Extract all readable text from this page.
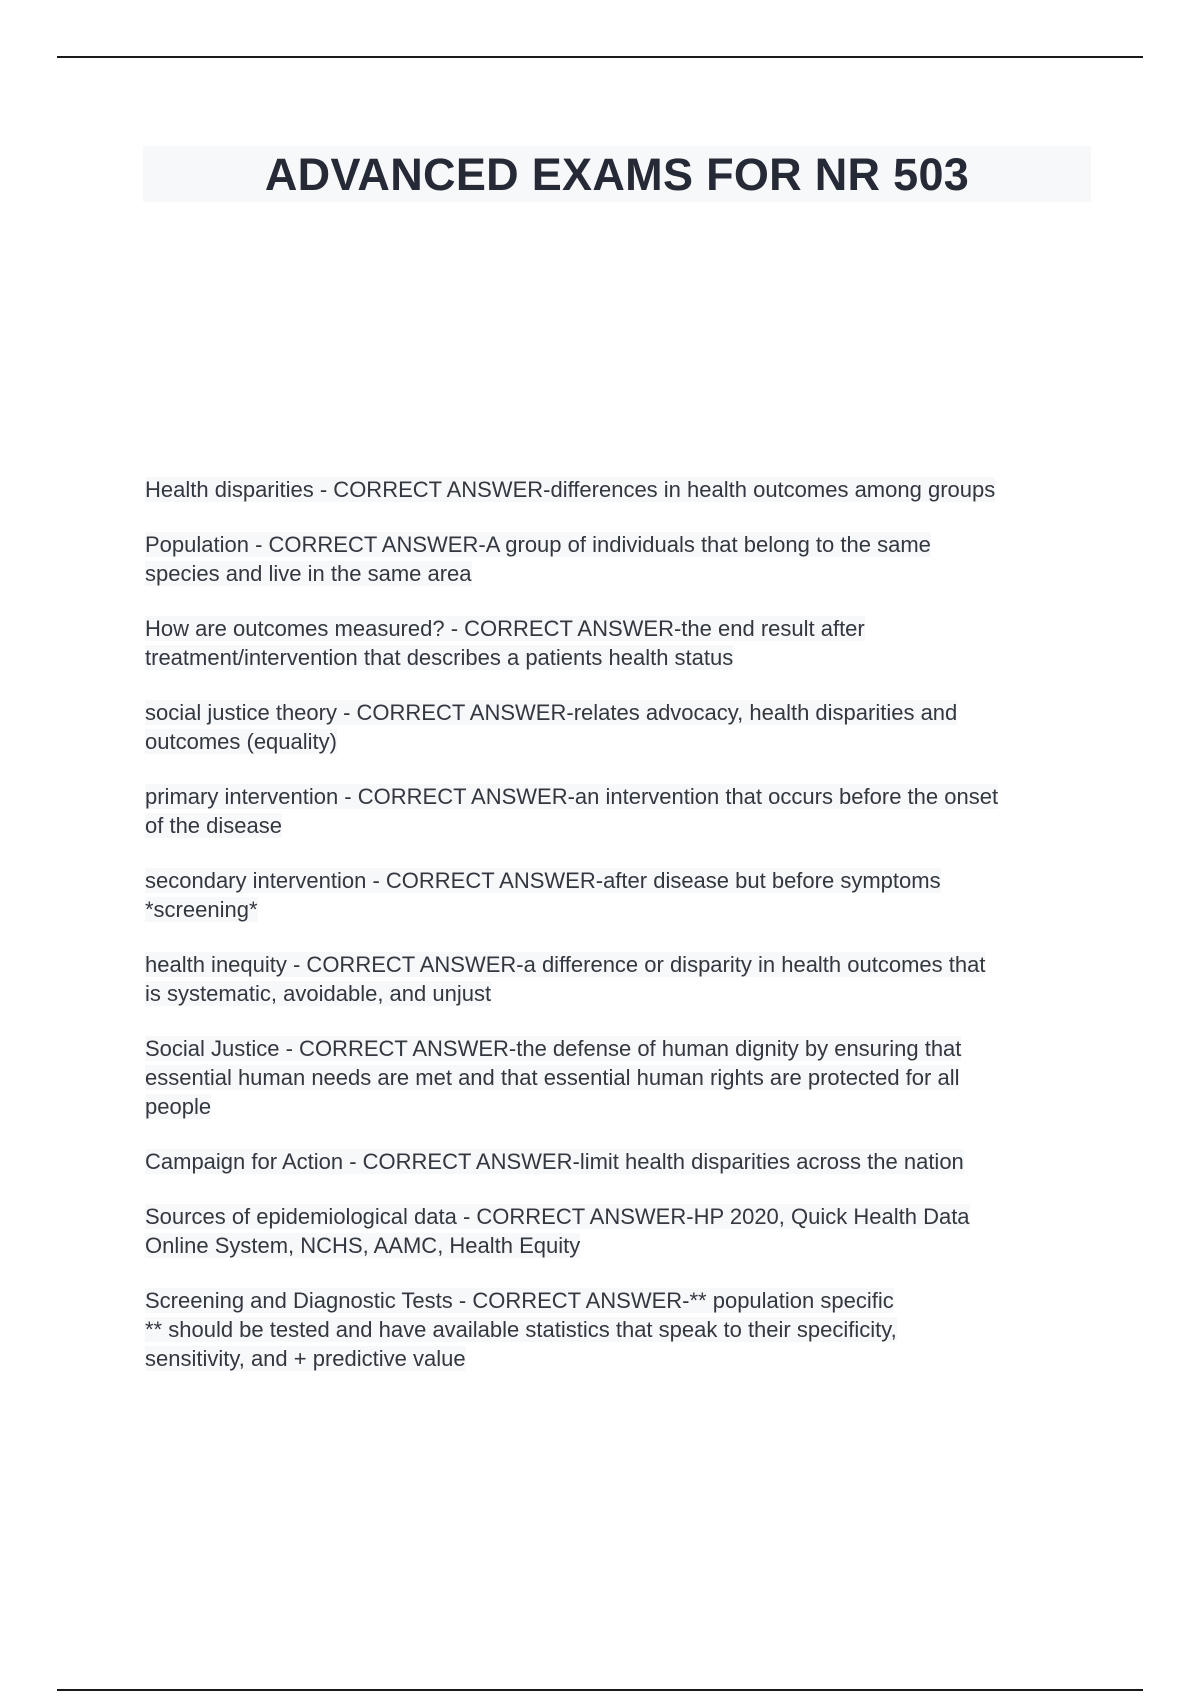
ADVANCED EXAMS FOR NR 503
Health disparities - CORRECT ANSWER-differences in health outcomes among groups
Population - CORRECT ANSWER-A group of individuals that belong to the same
species and live in the same area
How are outcomes measured? - CORRECT ANSWER-the end result after
treatment/intervention that describes a patients health status
social justice theory - CORRECT ANSWER-relates advocacy, health disparities and
outcomes (equality)
primary intervention - CORRECT ANSWER-an intervention that occurs before the onset
of the disease
secondary intervention - CORRECT ANSWER-after disease but before symptoms
*screening*
health inequity - CORRECT ANSWER-a difference or disparity in health outcomes that
is systematic, avoidable, and unjust
Social Justice - CORRECT ANSWER-the defense of human dignity by ensuring that
essential human needs are met and that essential human rights are protected for all
people
Campaign for Action - CORRECT ANSWER-limit health disparities across the nation
Sources of epidemiological data - CORRECT ANSWER-HP 2020, Quick Health Data
Online System, NCHS, AAMC, Health Equity
Screening and Diagnostic Tests - CORRECT ANSWER-** population specific
** should be tested and have available statistics that speak to their specificity,
sensitivity, and + predictive value
